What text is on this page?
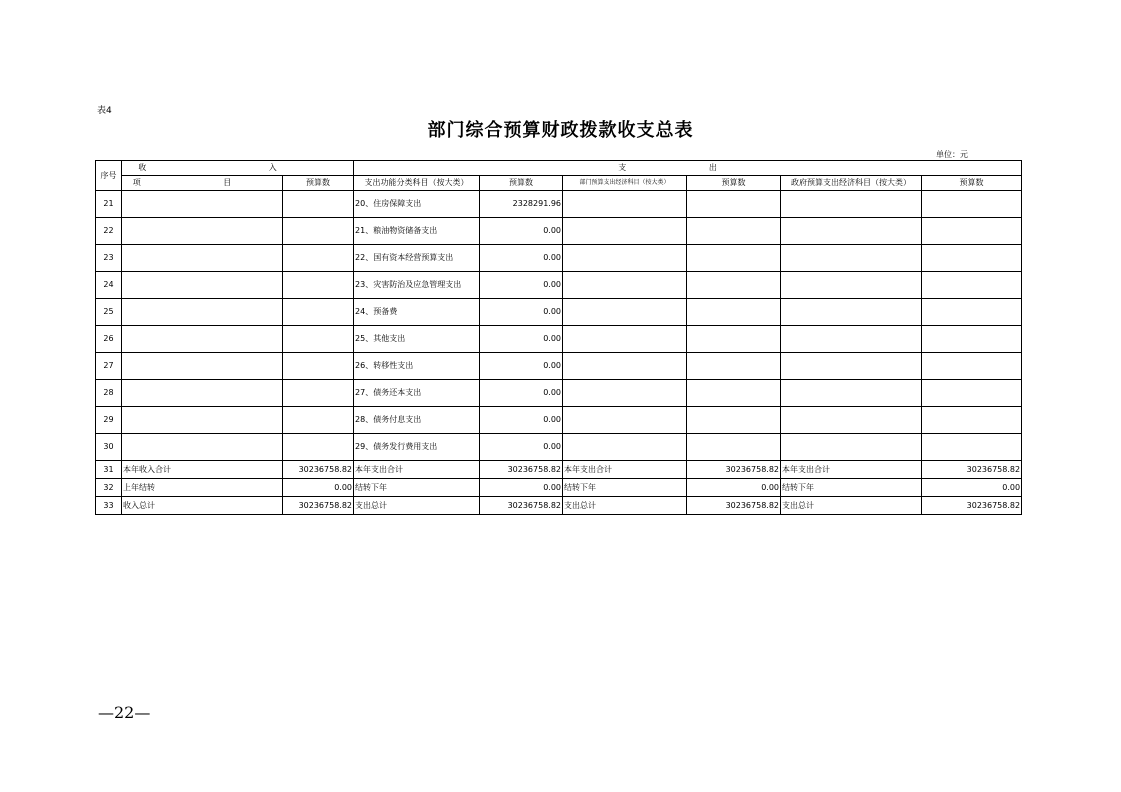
表4
部门综合预算财政拨款收支总表
单位：元
序号	收 入		支 出					
	项 目	预算数	支出功能分类科目（按大类）	预算数	部门预算支出经济科目（按大类）	预算数	政府预算支出经济科目（按大类）	预算数
21			20、住房保障支出	2328291.96				
22			21、粮油物资储备支出	0.00				
23			22、国有资本经营预算支出	0.00				
24			23、灾害防治及应急管理支出	0.00				
25			24、预备费	0.00				
26			25、其他支出	0.00				
27			26、转移性支出	0.00				
28			27、债务还本支出	0.00				
29			28、债务付息支出	0.00				
30			29、债务发行费用支出	0.00				
31	本年收入合计	30236758.82	本年支出合计	30236758.82	本年支出合计	30236758.82	本年支出合计	30236758.82
32	上年结转	0.00	结转下年	0.00	结转下年	0.00	结转下年	0.00
33	收入总计	30236758.82	支出总计	30236758.82	支出总计	30236758.82	支出总计	30236758.82
—22—
